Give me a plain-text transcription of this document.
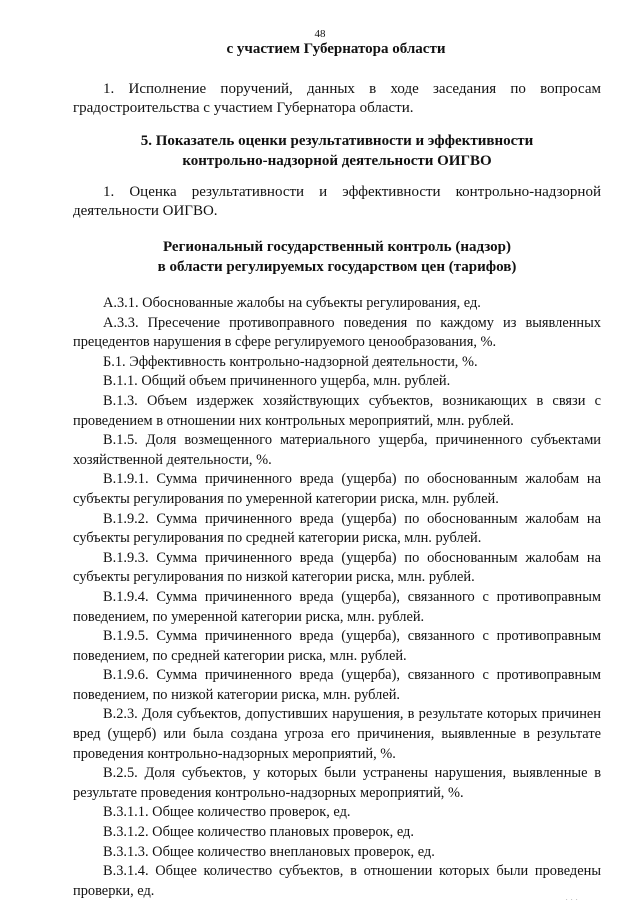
48
с участием Губернатора области
1. Исполнение поручений, данных в ходе заседания по вопросам градостроительства с участием Губернатора области.
5. Показатель оценки результативности и эффективности
контрольно-надзорной деятельности ОИГВО
1. Оценка результативности и эффективности контрольно-надзорной деятельности ОИГВО.
Региональный государственный контроль (надзор)
в области регулируемых государством цен (тарифов)
А.3.1. Обоснованные жалобы на субъекты регулирования, ед.
А.3.3. Пресечение противоправного поведения по каждому из выявленных прецедентов нарушения в сфере регулируемого ценообразования, %.
Б.1. Эффективность контрольно-надзорной деятельности, %.
В.1.1. Общий объем причиненного ущерба, млн. рублей.
В.1.3. Объем издержек хозяйствующих субъектов, возникающих в связи с проведением в отношении них контрольных мероприятий, млн. рублей.
В.1.5. Доля возмещенного материального ущерба, причиненного субъектами хозяйственной деятельности, %.
В.1.9.1. Сумма причиненного вреда (ущерба) по обоснованным жалобам на субъекты регулирования по умеренной категории риска, млн. рублей.
В.1.9.2. Сумма причиненного вреда (ущерба) по обоснованным жалобам на субъекты регулирования по средней категории риска, млн. рублей.
В.1.9.3. Сумма причиненного вреда (ущерба) по обоснованным жалобам на субъекты регулирования по низкой категории риска, млн. рублей.
В.1.9.4. Сумма причиненного вреда (ущерба), связанного с противоправным поведением, по умеренной категории риска, млн. рублей.
В.1.9.5. Сумма причиненного вреда (ущерба), связанного с противоправным поведением, по средней категории риска, млн. рублей.
В.1.9.6. Сумма причиненного вреда (ущерба), связанного с противоправным поведением, по низкой категории риска, млн. рублей.
В.2.3. Доля субъектов, допустивших нарушения, в результате которых причинен вред (ущерб) или была создана угроза его причинения, выявленные в результате проведения контрольно-надзорных мероприятий, %.
В.2.5. Доля субъектов, у которых были устранены нарушения, выявленные в результате проведения контрольно-надзорных мероприятий, %.
В.3.1.1. Общее количество проверок, ед.
В.3.1.2. Общее количество плановых проверок, ед.
В.3.1.3. Общее количество внеплановых проверок, ед.
В.3.1.4. Общее количество субъектов, в отношении которых были проведены проверки, ед.
. . .
